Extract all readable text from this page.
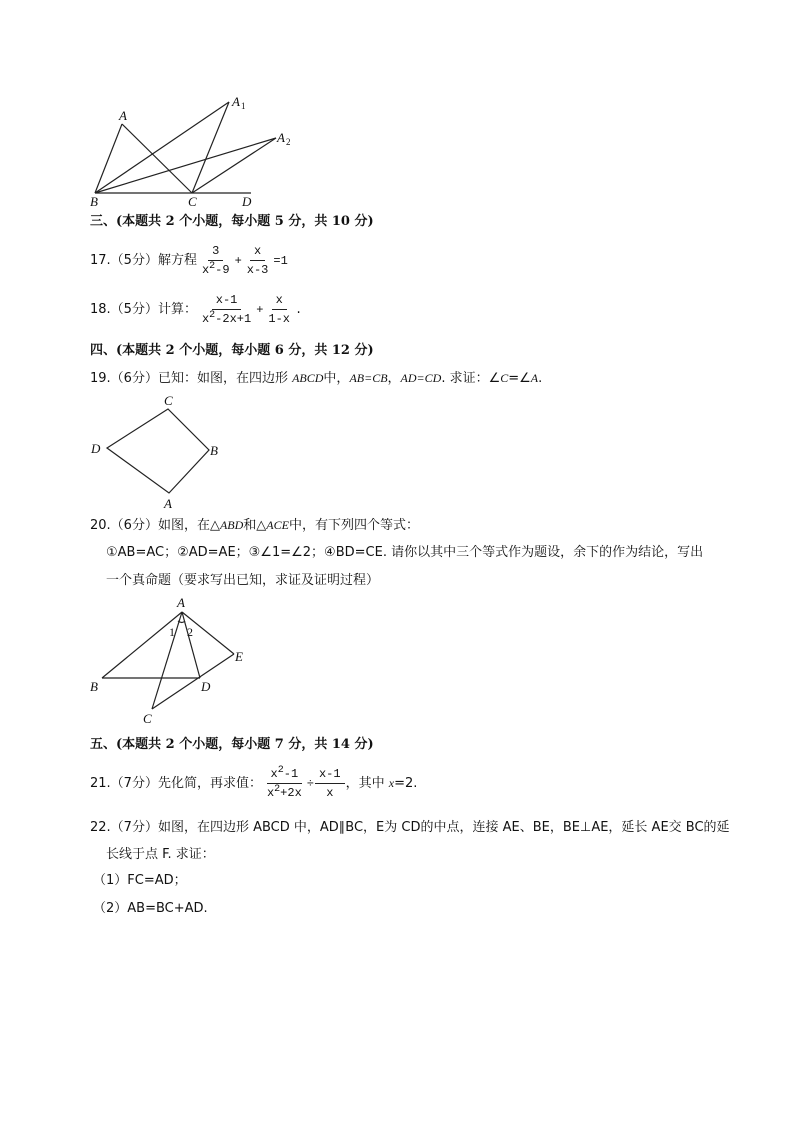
A
A 1
A 2
B	C	D
三、(本题共 2 个小题，每小题 5 分，共 10 分)
17.（5分）解方程 $\frac{3}{x^2-9} + \frac{x}{x-3} =1$
18.（5分）计算： $\frac{x-1}{x^2-2x+1} + \frac{x}{1-x}$ .
四、(本题共 2 个小题，每小题 6 分，共 12 分)
19.（6分）已知：如图，在四边形 ABCD中，AB=CB，AD=CD. 求证：∠C=∠A.
C
B
D
A
20.（6分）如图，在△ABD和△ACE中，有下列四个等式：
①AB=AC；②AD=AE；③∠1=∠2；④BD=CE. 请你以其中三个等式作为题设，余下的作为结论，写出
一个真命题（要求写出已知，求证及证明过程）
A
1 2
E
B	D
C
五、(本题共 2 个小题，每小题 7 分，共 14 分)
21.（7分）先化简，再求值： $\frac{x^2-1}{x^2+2x} \div \frac{x-1}{x}$ ，其中 x=2.
22.（7分）如图，在四边形 ABCD 中，AD∥BC，E为 CD的中点，连接 AE、BE，BE⊥AE，延长 AE交 BC的延
长线于点 F. 求证：
（1）FC=AD；
（2）AB=BC+AD.
